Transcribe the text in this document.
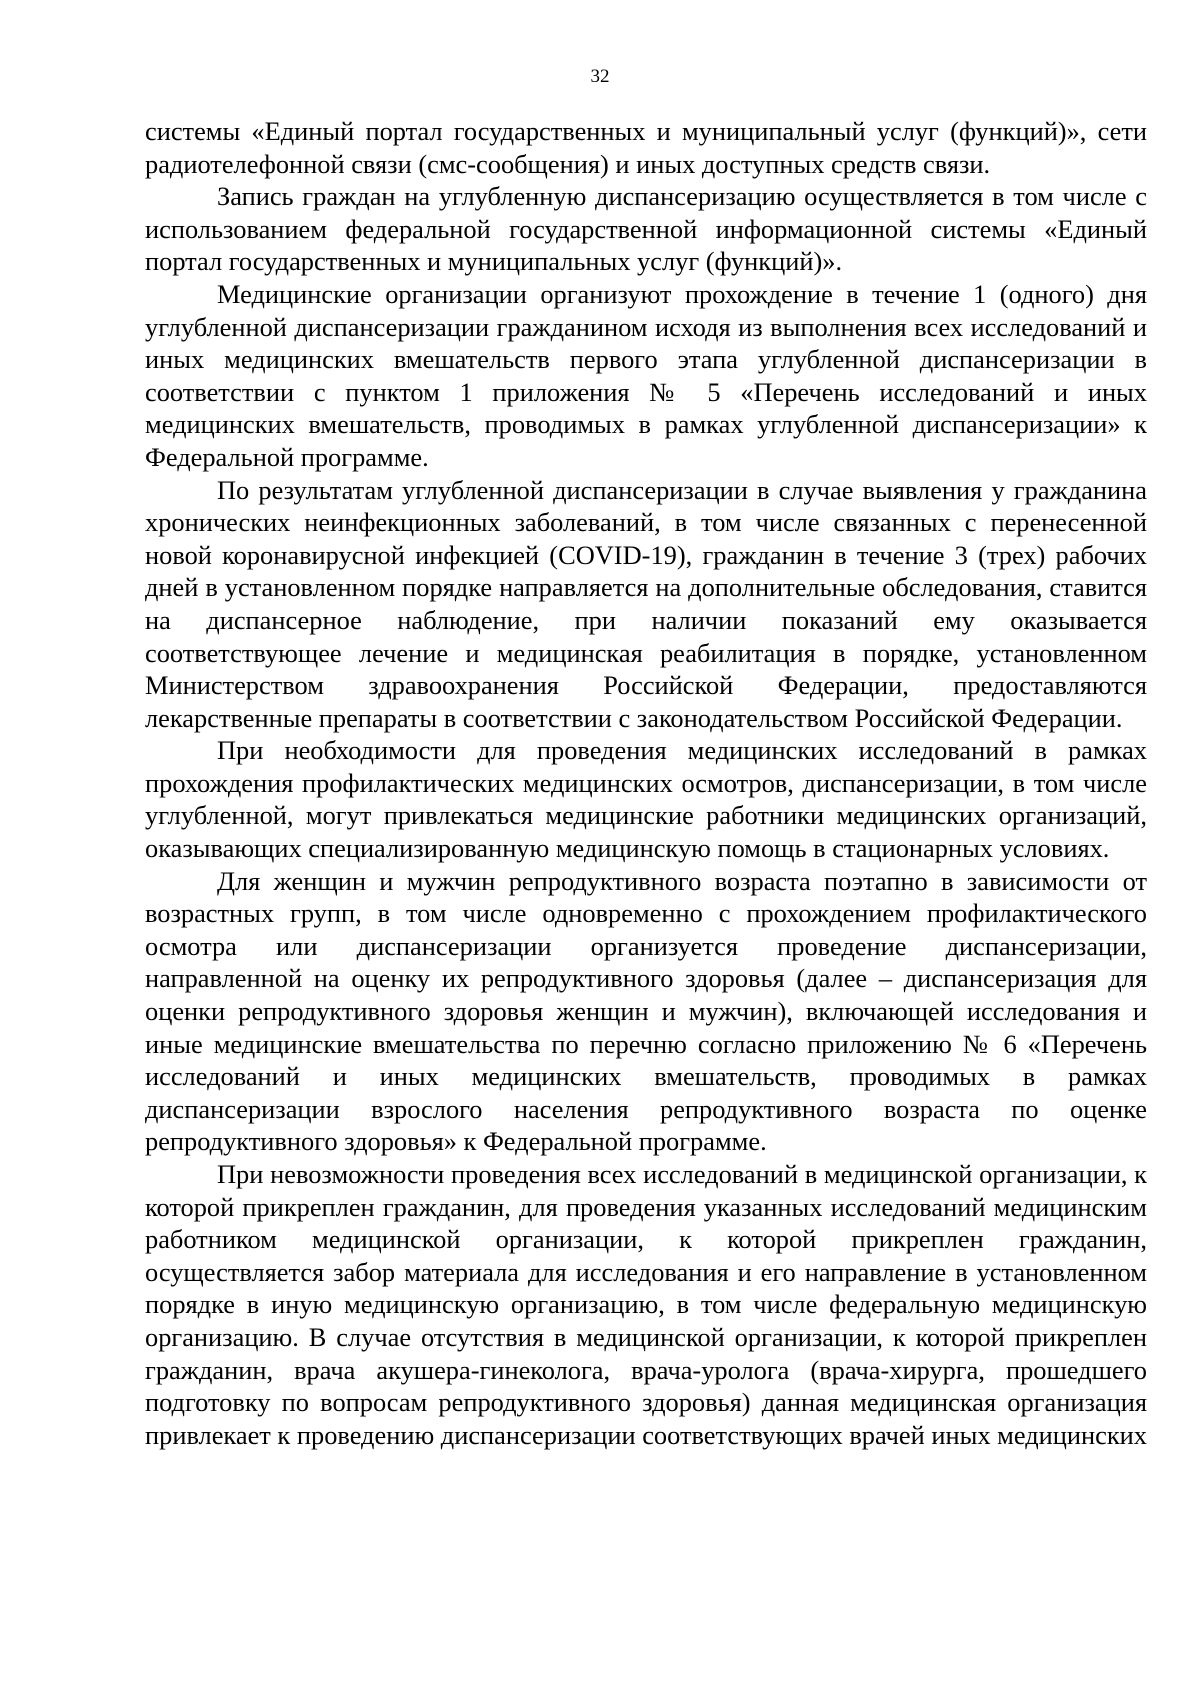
32

системы «Единый портал государственных и муниципальный услуг (функций)», сети радиотелефонной связи (смс-сообщения) и иных доступных средств связи.

Запись граждан на углубленную диспансеризацию осуществляется в том числе с использованием федеральной государственной информационной системы «Единый портал государственных и муниципальных услуг (функций)».

Медицинские организации организуют прохождение в течение 1 (одного) дня углубленной диспансеризации гражданином исходя из выполнения всех исследований и иных медицинских вмешательств первого этапа углубленной диспансеризации в соответствии с пунктом 1 приложения № 5 «Перечень исследований и иных медицинских вмешательств, проводимых в рамках углубленной диспансеризации» к Федеральной программе.

По результатам углубленной диспансеризации в случае выявления у гражданина хронических неинфекционных заболеваний, в том числе связанных с перенесенной новой коронавирусной инфекцией (COVID-19), гражданин в течение 3 (трех) рабочих дней в установленном порядке направляется на дополнительные обследования, ставится на диспансерное наблюдение, при наличии показаний ему оказывается соответствующее лечение и медицинская реабилитация в порядке, установленном Министерством здравоохранения Российской Федерации, предоставляются лекарственные препараты в соответствии с законодательством Российской Федерации.

При необходимости для проведения медицинских исследований в рамках прохождения профилактических медицинских осмотров, диспансеризации, в том числе углубленной, могут привлекаться медицинские работники медицинских организаций, оказывающих специализированную медицинскую помощь в стационарных условиях.

Для женщин и мужчин репродуктивного возраста поэтапно в зависимости от возрастных групп, в том числе одновременно с прохождением профилактического осмотра или диспансеризации организуется проведение диспансеризации, направленной на оценку их репродуктивного здоровья (далее – диспансеризация для оценки репродуктивного здоровья женщин и мужчин), включающей исследования и иные медицинские вмешательства по перечню согласно приложению № 6 «Перечень исследований и иных медицинских вмешательств, проводимых в рамках диспансеризации взрослого населения репродуктивного возраста по оценке репродуктивного здоровья» к Федеральной программе.

При невозможности проведения всех исследований в медицинской организации, к которой прикреплен гражданин, для проведения указанных исследований медицинским работником медицинской организации, к которой прикреплен гражданин, осуществляется забор материала для исследования и его направление в установленном порядке в иную медицинскую организацию, в том числе федеральную медицинскую организацию. В случае отсутствия в медицинской организации, к которой прикреплен гражданин, врача акушера-гинеколога, врача-уролога (врача-хирурга, прошедшего подготовку по вопросам репродуктивного здоровья) данная медицинская организация привлекает к проведению диспансеризации соответствующих врачей иных медицинских
